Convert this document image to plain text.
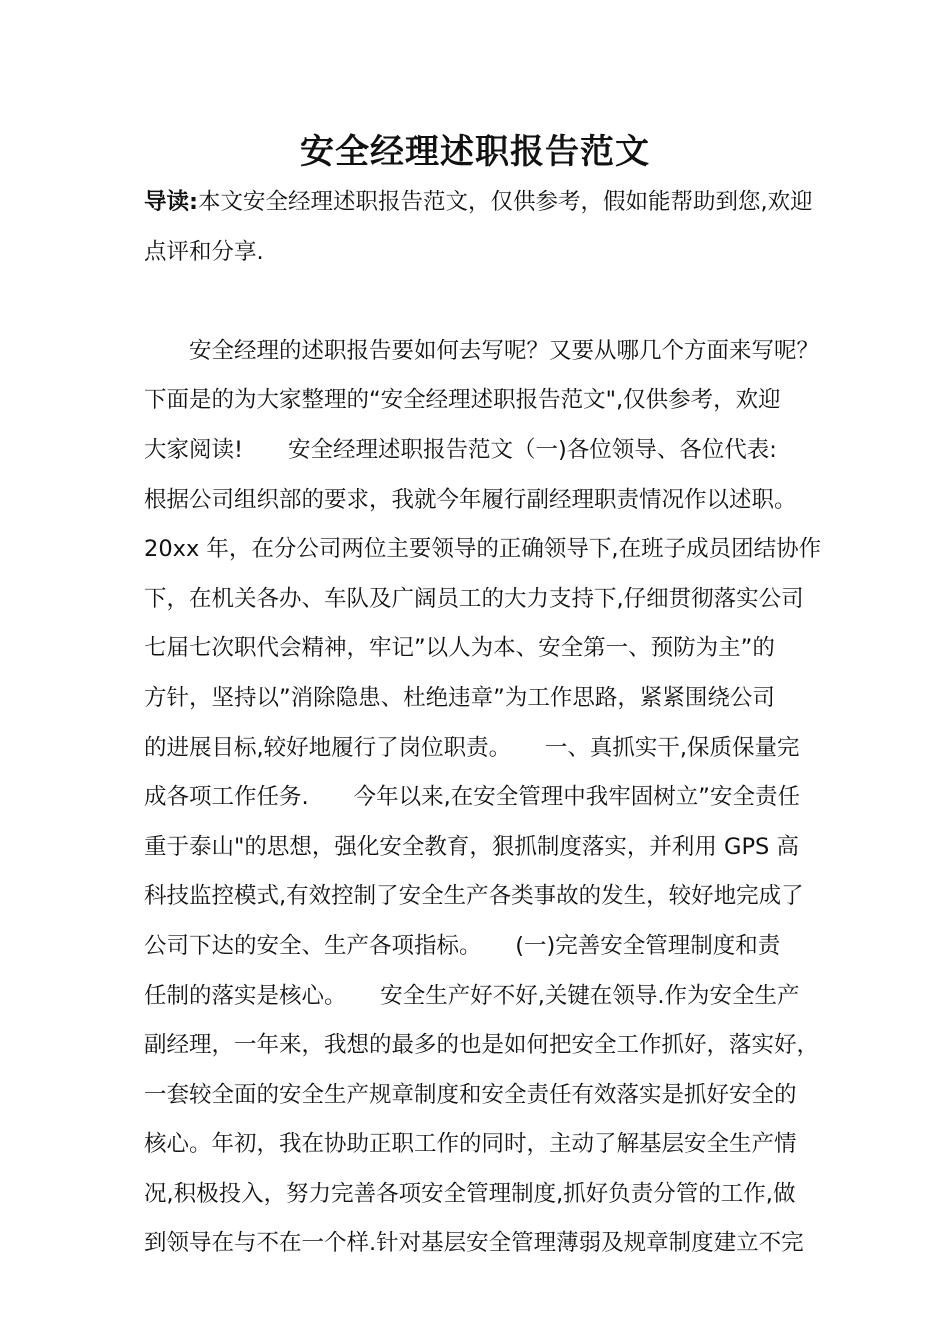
安全经理述职报告范文
导读:本文安全经理述职报告范文，仅供参考，假如能帮助到您,欢迎
点评和分享.
　　安全经理的述职报告要如何去写呢？又要从哪几个方面来写呢？
下面是的为大家整理的“安全经理述职报告范文",仅供参考，欢迎
大家阅读!　　安全经理述职报告范文（一)各位领导、各位代表:
根据公司组织部的要求，我就今年履行副经理职责情况作以述职。
20xx 年，在分公司两位主要领导的正确领导下,在班子成员团结协作
下，在机关各办、车队及广阔员工的大力支持下,仔细贯彻落实公司
七届七次职代会精神，牢记”以人为本、安全第一、预防为主”的
方针，坚持以”消除隐患、杜绝违章”为工作思路，紧紧围绕公司
的进展目标,较好地履行了岗位职责。　　一、真抓实干,保质保量完
成各项工作任务.　　今年以来,在安全管理中我牢固树立”安全责任
重于泰山"的思想，强化安全教育，狠抓制度落实，并利用 GPS 高
科技监控模式,有效控制了安全生产各类事故的发生，较好地完成了
公司下达的安全、生产各项指标。　　(一)完善安全管理制度和责
任制的落实是核心。　　安全生产好不好,关键在领导.作为安全生产
副经理，一年来，我想的最多的也是如何把安全工作抓好，落实好，
一套较全面的安全生产规章制度和安全责任有效落实是抓好安全的
核心。年初，我在协助正职工作的同时，主动了解基层安全生产情
况,积极投入，努力完善各项安全管理制度,抓好负责分管的工作,做
到领导在与不在一个样.针对基层安全管理薄弱及规章制度建立不完
